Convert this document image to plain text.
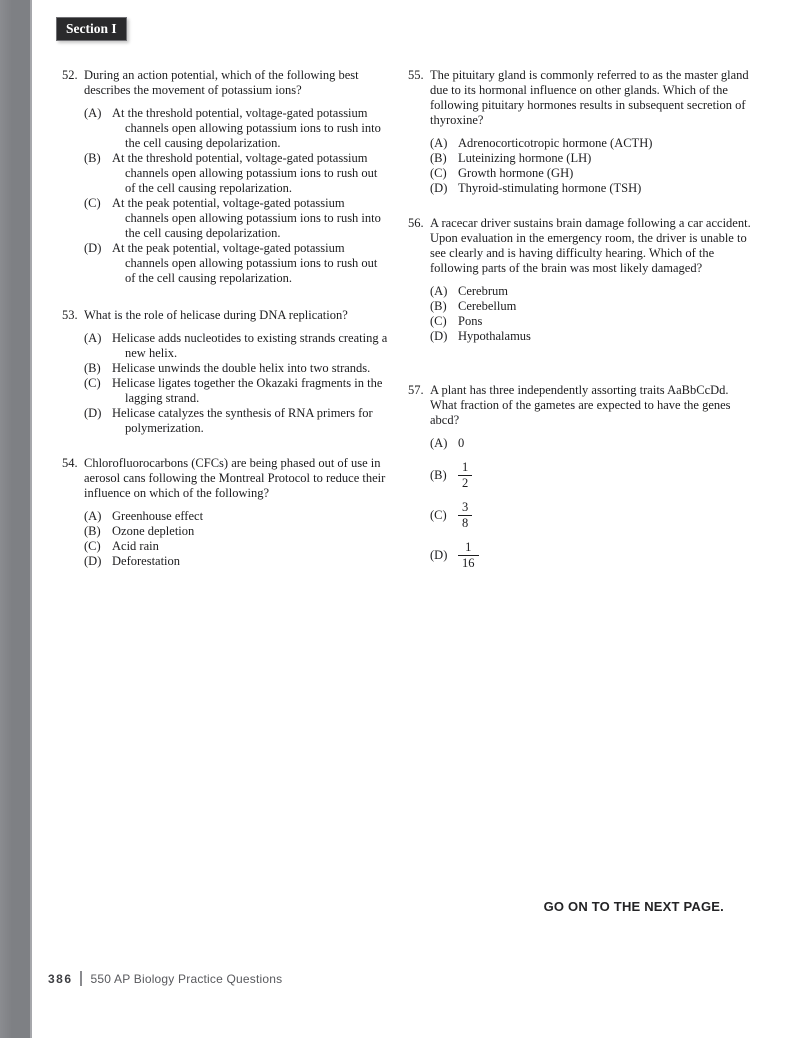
Section I
52. During an action potential, which of the following best describes the movement of potassium ions?
(A) At the threshold potential, voltage-gated potassium channels open allowing potassium ions to rush into the cell causing depolarization.
(B) At the threshold potential, voltage-gated potassium channels open allowing potassium ions to rush out of the cell causing repolarization.
(C) At the peak potential, voltage-gated potassium channels open allowing potassium ions to rush into the cell causing depolarization.
(D) At the peak potential, voltage-gated potassium channels open allowing potassium ions to rush out of the cell causing repolarization.
53. What is the role of helicase during DNA replication?
(A) Helicase adds nucleotides to existing strands creating a new helix.
(B) Helicase unwinds the double helix into two strands.
(C) Helicase ligates together the Okazaki fragments in the lagging strand.
(D) Helicase catalyzes the synthesis of RNA primers for polymerization.
54. Chlorofluorocarbons (CFCs) are being phased out of use in aerosol cans following the Montreal Protocol to reduce their influence on which of the following?
(A) Greenhouse effect
(B) Ozone depletion
(C) Acid rain
(D) Deforestation
55. The pituitary gland is commonly referred to as the master gland due to its hormonal influence on other glands. Which of the following pituitary hormones results in subsequent secretion of thyroxine?
(A) Adrenocorticotropic hormone (ACTH)
(B) Luteinizing hormone (LH)
(C) Growth hormone (GH)
(D) Thyroid-stimulating hormone (TSH)
56. A racecar driver sustains brain damage following a car accident. Upon evaluation in the emergency room, the driver is unable to see clearly and is having difficulty hearing. Which of the following parts of the brain was most likely damaged?
(A) Cerebrum
(B) Cerebellum
(C) Pons
(D) Hypothalamus
57. A plant has three independently assorting traits AaBbCcDd. What fraction of the gametes are expected to have the genes abcd?
(A) 0
$(B) \frac{1}{2}$
$(C) \frac{3}{8}$
$(D) \frac{1}{16}$
GO ON TO THE NEXT PAGE.
386 550 AP Biology Practice Questions
